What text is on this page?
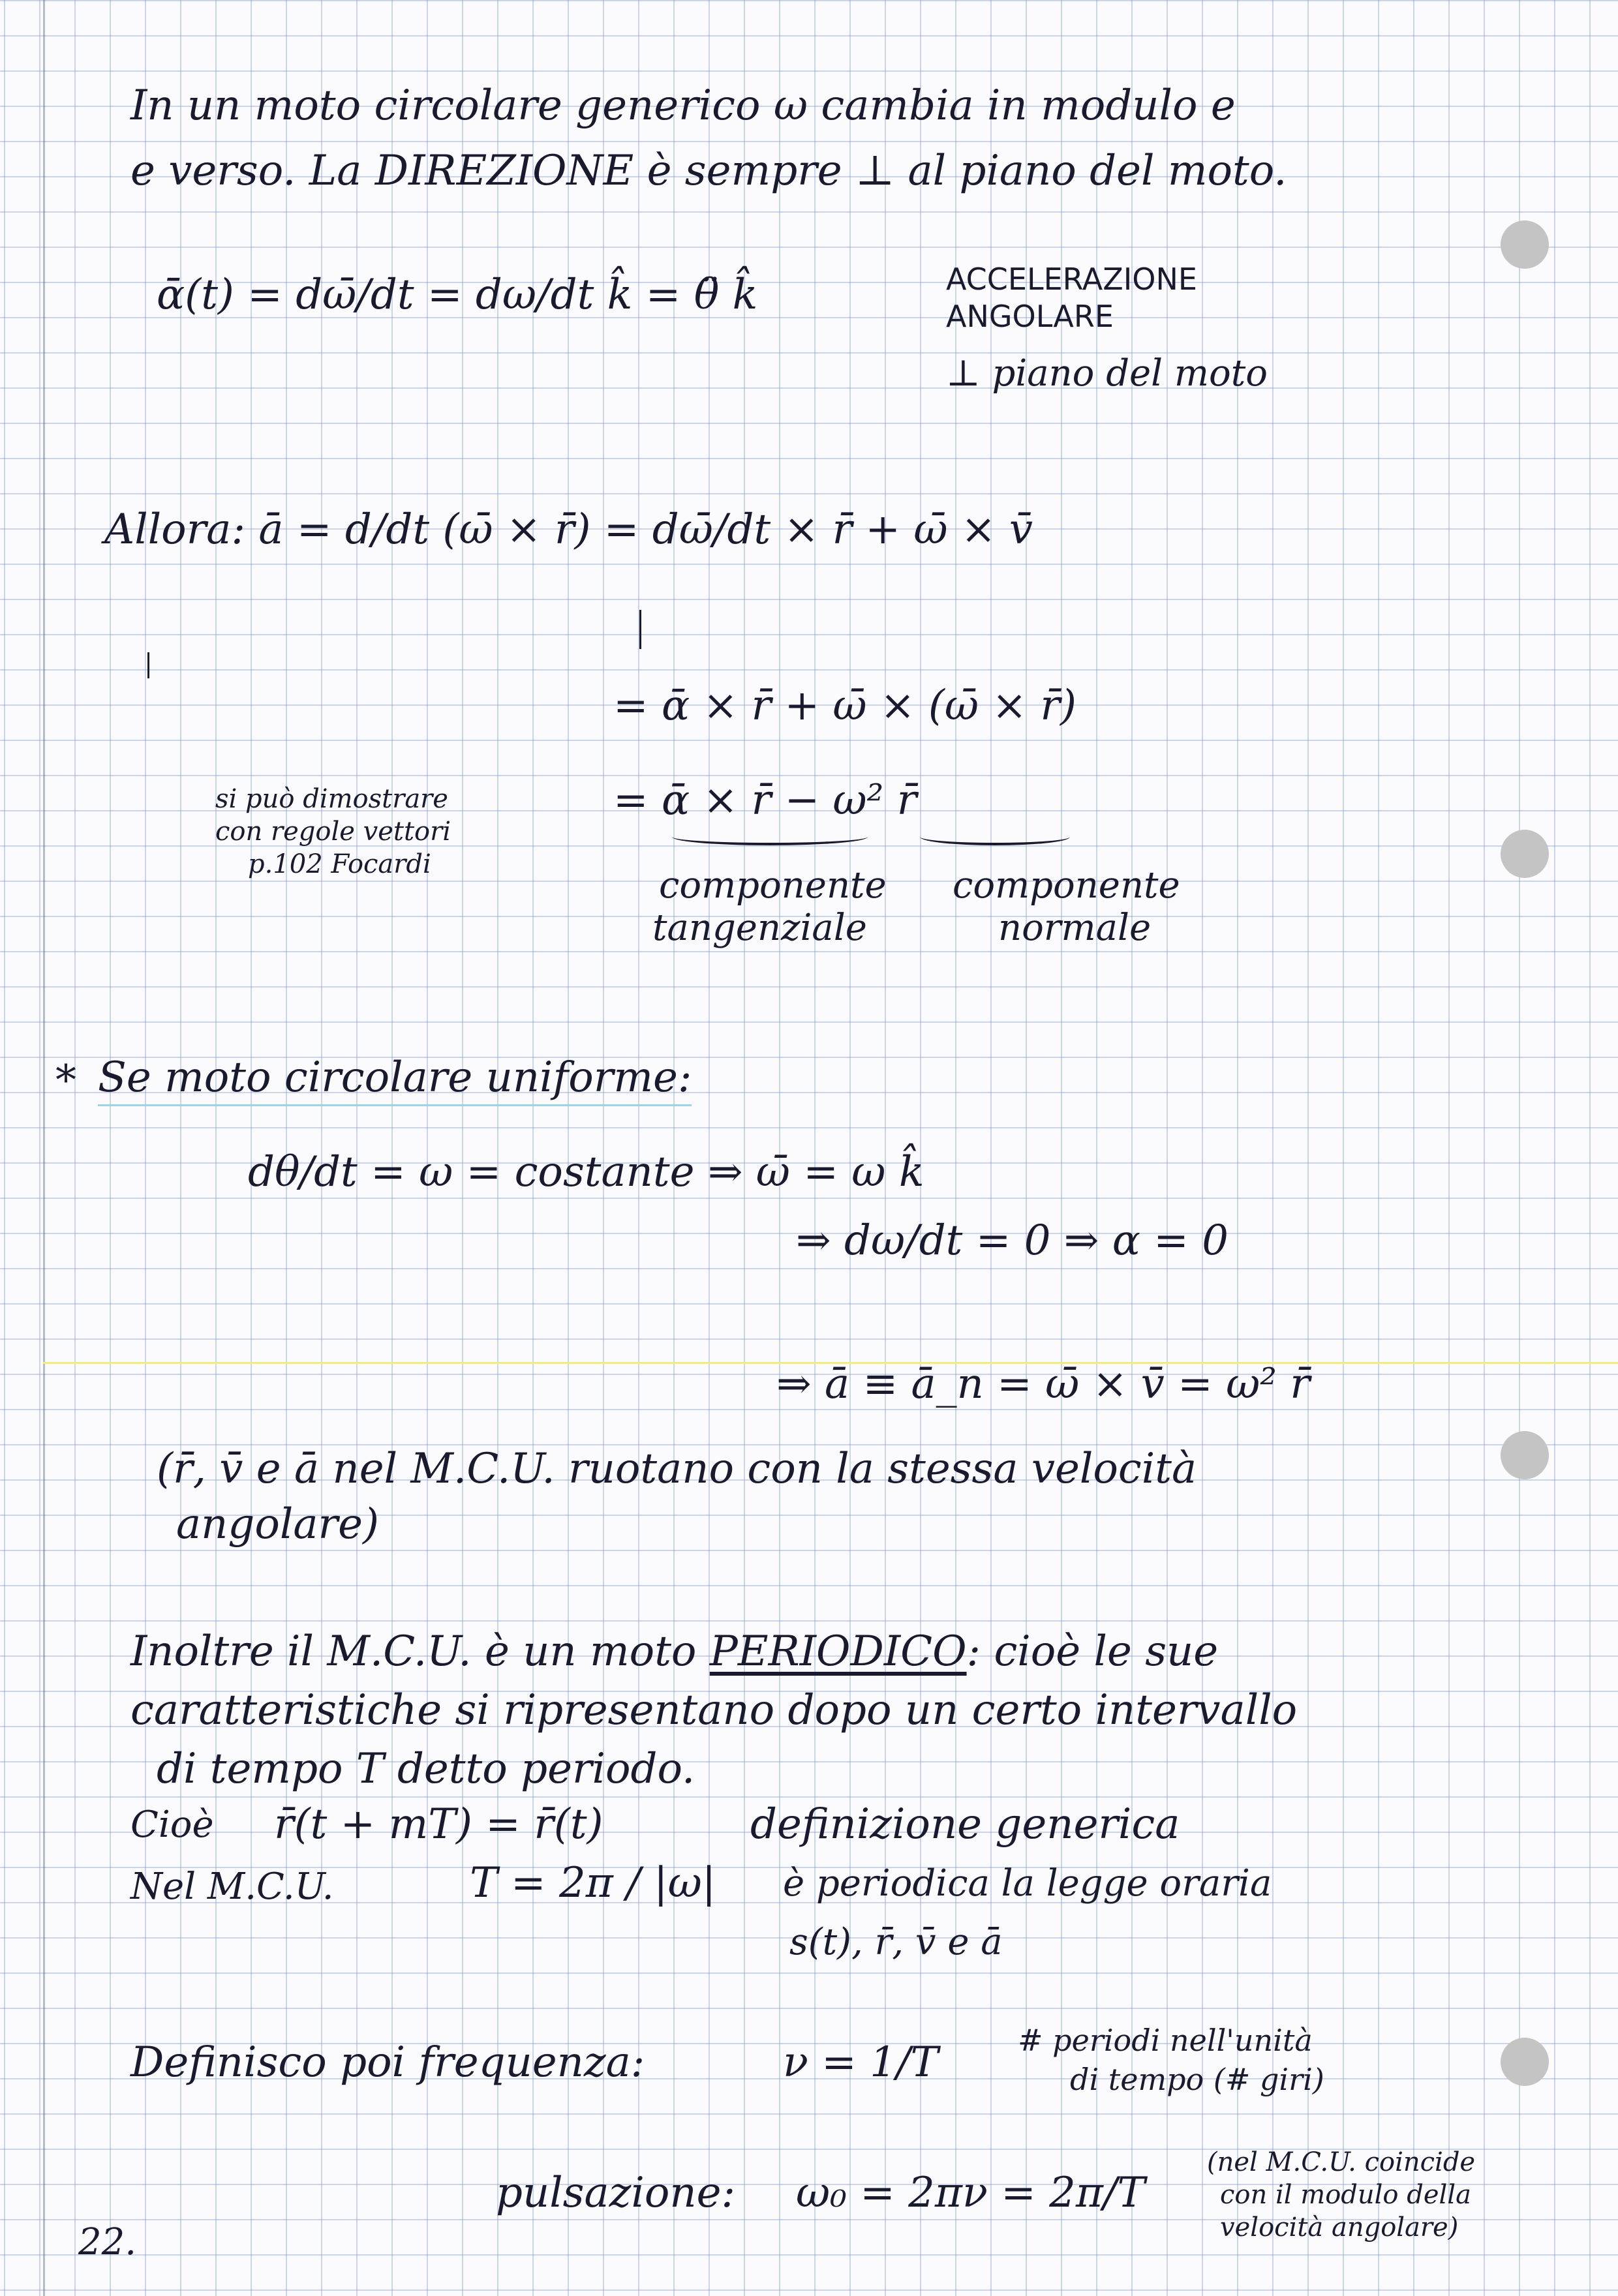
In un moto circolare generico ω cambia in modulo e
e verso. La DIREZIONE è sempre ⊥ al piano del moto.
ᾱ(t) = dω̄/dt = dω/dt k̂ = θ̈ k̂	ACCELERAZIONE
ANGOLARE
⊥ piano del moto
Allora: ā = d/dt (ω̄ × r̄) = dω̄/dt × r̄ + ω̄ × v̄
= ᾱ × r̄ + ω̄ × (ω̄ × r̄)
= ᾱ × r̄ − ω² r̄
si può dimostrare
con regole vettori
p.102 Focardi	componente
tangenziale
componente
normale
* Se moto circolare uniforme:
dθ/dt = ω = costante ⇒ ω̄ = ω k̂
⇒ dω/dt = 0 ⇒ α = 0
⇒ ā ≡ ā_n = ω̄ × v̄ = ω² r̄
(r̄, v̄ e ā nel M.C.U. ruotano con la stessa velocità
angolare)
Inoltre il M.C.U. è un moto PERIODICO: cioè le sue
caratteristiche si ripresentano dopo un certo intervallo
di tempo T detto periodo.
Cioè r̄(t + mT) = r̄(t)	definizione generica
Nel M.C.U.	T = 2π / |ω| è periodica la legge oraria
s(t), r̄, v̄ e ā
Definisco poi frequenza:	ν = 1/T	# periodi nell'unità
di tempo (# giri)
pulsazione: ω₀ = 2πν = 2π/T
(nel M.C.U. coincide
con il modulo della
velocità angolare)
22.
